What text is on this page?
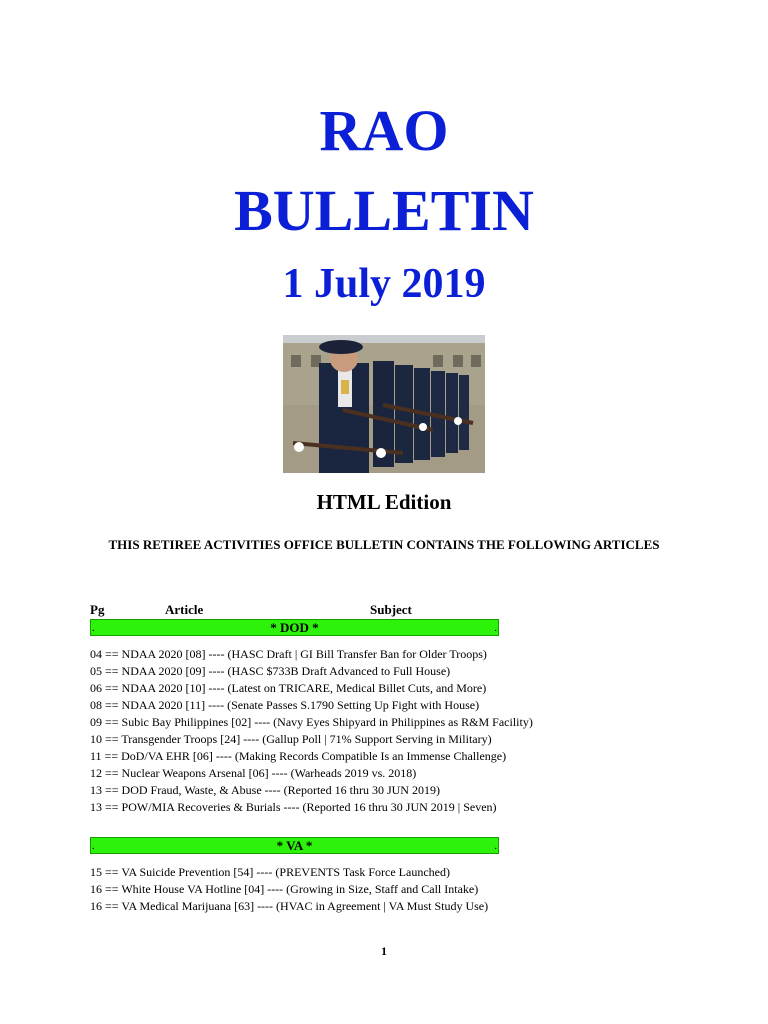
RAO
BULLETIN
1 July 2019
HTML Edition
THIS RETIREE ACTIVITIES OFFICE BULLETIN CONTAINS THE FOLLOWING ARTICLES
Pg	Article	Subject
.	* DOD *	.
04 == NDAA 2020 [08] ---- (HASC Draft | GI Bill Transfer Ban for Older Troops)
05 == NDAA 2020 [09] ---- (HASC $733B Draft Advanced to Full House)
06 == NDAA 2020 [10] ---- (Latest on TRICARE, Medical Billet Cuts, and More)
08 == NDAA 2020 [11] ---- (Senate Passes S.1790 Setting Up Fight with House)
09 == Subic Bay Philippines [02] ---- (Navy Eyes Shipyard in Philippines as R&M Facility)
10 == Transgender Troops [24] ---- (Gallup Poll | 71% Support Serving in Military)
11 == DoD/VA EHR [06] ---- (Making Records Compatible Is an Immense Challenge)
12 == Nuclear Weapons Arsenal [06] ---- (Warheads 2019 vs. 2018)
13 == DOD Fraud, Waste, & Abuse ---- (Reported 16 thru 30 JUN 2019)
13 == POW/MIA Recoveries & Burials ---- (Reported 16 thru 30 JUN 2019 | Seven)
.	* VA *	.
15 == VA Suicide Prevention [54] ---- (PREVENTS Task Force Launched)
16 == White House VA Hotline [04] ---- (Growing in Size, Staff and Call Intake)
16 == VA Medical Marijuana [63] ---- (HVAC in Agreement | VA Must Study Use)
1
